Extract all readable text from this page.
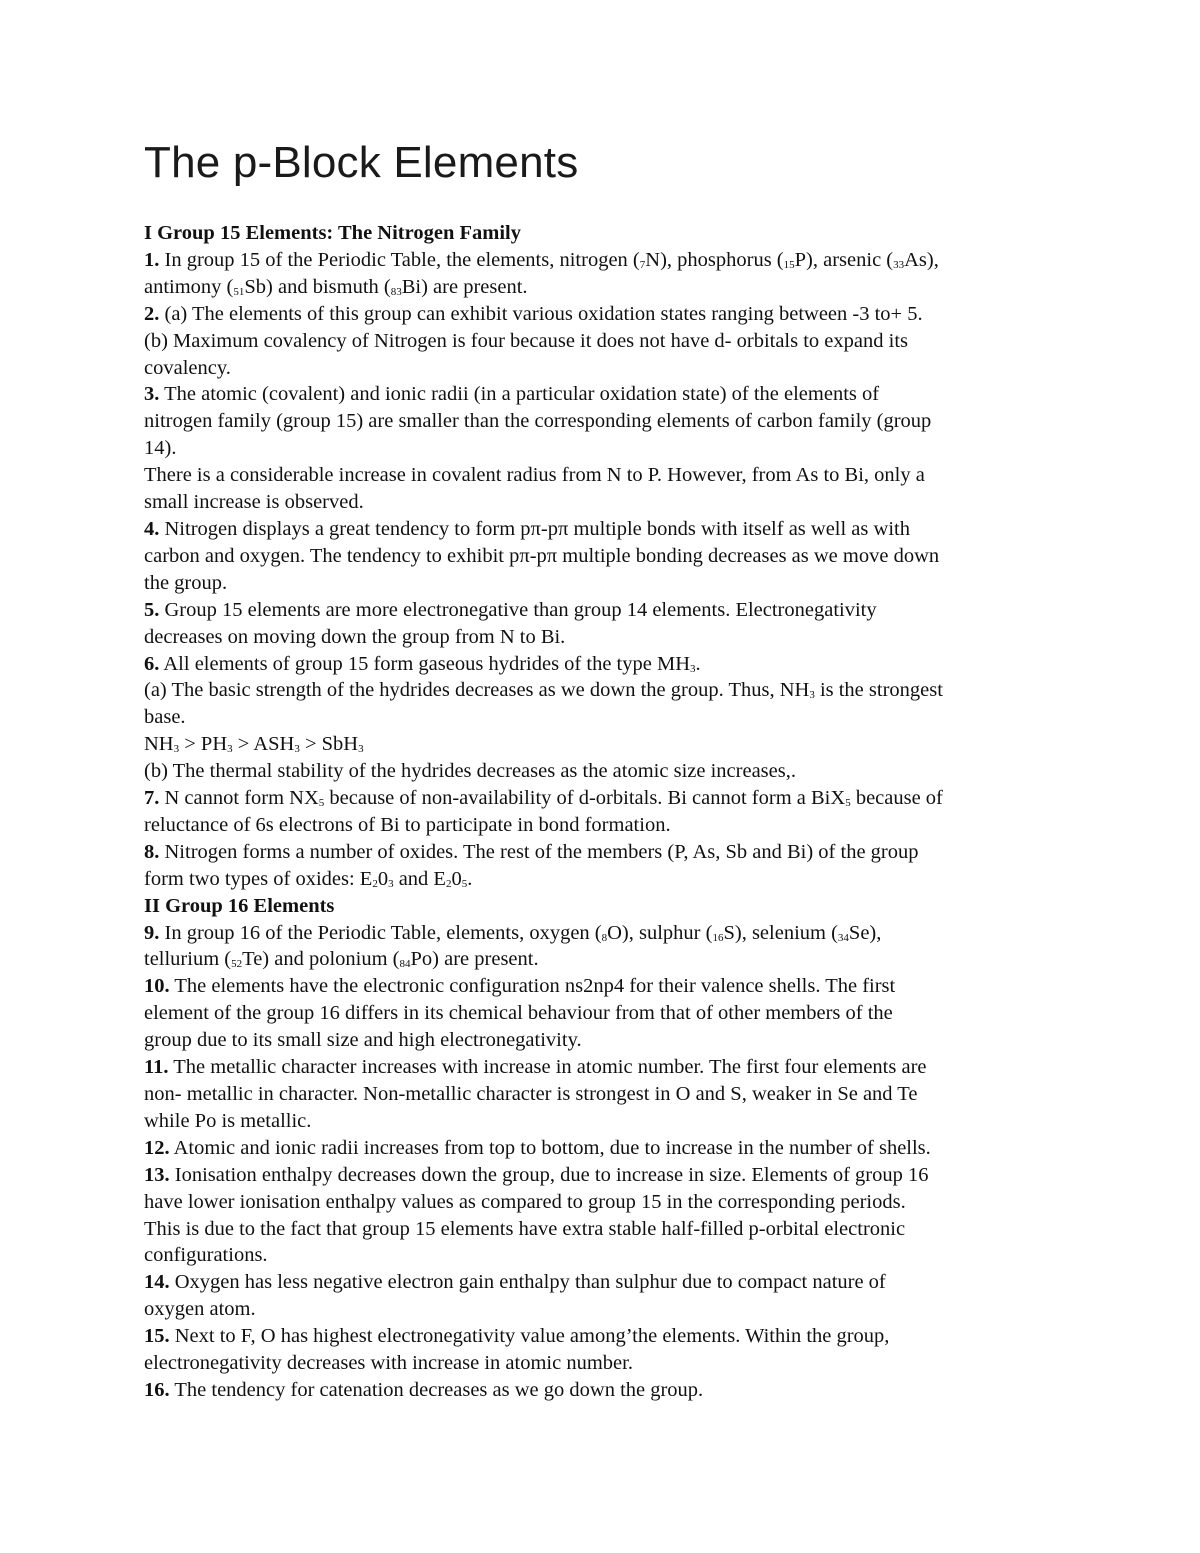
The p-Block Elements
I Group 15 Elements: The Nitrogen Family
1. In group 15 of the Periodic Table, the elements, nitrogen $(_7N)$, phosphorus $(_{15}P)$, arsenic $(_{33}As)$,
antimony $(_{51}Sb)$ and bismuth $(_{83}Bi)$ are present.
2. (a) The elements of this group can exhibit various oxidation states ranging between -3 to+ 5.
(b) Maximum covalency of Nitrogen is four because it does not have d- orbitals to expand its
covalency.
3. The atomic (covalent) and ionic radii (in a particular oxidation state) of the elements of
nitrogen family (group 15) are smaller than the corresponding elements of carbon family (group
14).
There is a considerable increase in covalent radius from N to P. However, from As to Bi, only a
small increase is observed.
4. Nitrogen displays a great tendency to form pπ-pπ multiple bonds with itself as well as with
carbon and oxygen. The tendency to exhibit pπ-pπ multiple bonding decreases as we move down
the group.
5. Group 15 elements are more electronegative than group 14 elements. Electronegativity
decreases on moving down the group from N to Bi.
6. All elements of group 15 form gaseous hydrides of the type $MH_3$.
(a) The basic strength of the hydrides decreases as we down the group. Thus, $NH_3$ is the strongest
base.
$NH_3 > PH_3 > ASH_3 > SbH_3$
(b) The thermal stability of the hydrides decreases as the atomic size increases,.
7. N cannot form $NX_5$ because of non-availability of d-orbitals. Bi cannot form a BiX$_5$ because of
reluctance of 6s electrons of Bi to participate in bond formation.
8. Nitrogen forms a number of oxides. The rest of the members (P, As, Sb and Bi) of the group
form two types of oxides: $E_20_3$ and $E_20_5$.
II Group 16 Elements
9. In group 16 of the Periodic Table, elements, oxygen $(_8O)$, sulphur $(_{16}S)$, selenium $(_{34}Se)$,
tellurium $(_{52}Te)$ and polonium $(_{84}Po)$ are present.
10. The elements have the electronic configuration ns2np4 for their valence shells. The first
element of the group 16 differs in its chemical behaviour from that of other members of the
group due to its small size and high electronegativity.
11. The metallic character increases with increase in atomic number. The first four elements are
non- metallic in character. Non-metallic character is strongest in O and S, weaker in Se and Te
while Po is metallic.
12. Atomic and ionic radii increases from top to bottom, due to increase in the number of shells.
13. Ionisation enthalpy decreases down the group, due to increase in size. Elements of group 16
have lower ionisation enthalpy values as compared to group 15 in the corresponding periods.
This is due to the fact that group 15 elements have extra stable half-filled p-orbital electronic
configurations.
14. Oxygen has less negative electron gain enthalpy than sulphur due to compact nature of
oxygen atom.
15. Next to F, O has highest electronegativity value among’the elements. Within the group,
electronegativity decreases with increase in atomic number.
16. The tendency for catenation decreases as we go down the group.
